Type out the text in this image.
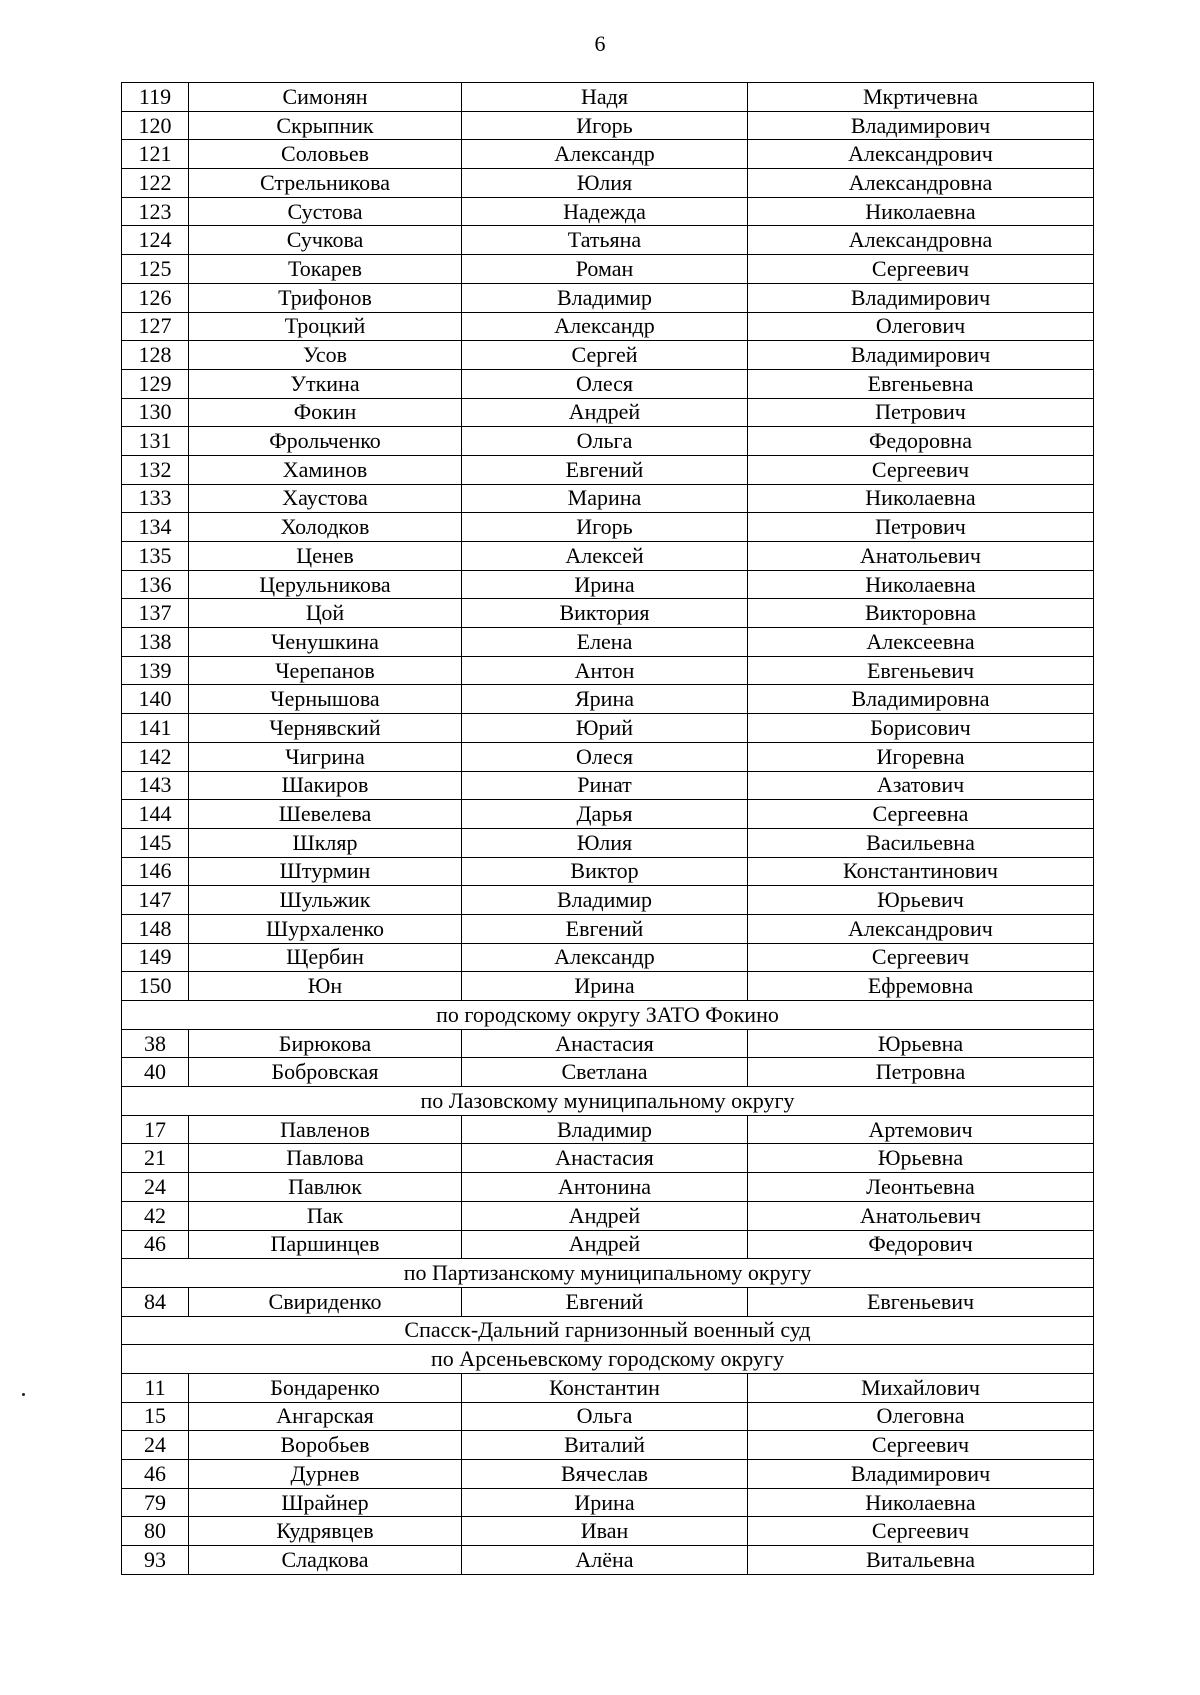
6
119	Симонян	Надя	Мкртичевна
120	Скрыпник	Игорь	Владимирович
121	Соловьев	Александр	Александрович
122	Стрельникова	Юлия	Александровна
123	Сустова	Надежда	Николаевна
124	Сучкова	Татьяна	Александровна
125	Токарев	Роман	Сергеевич
126	Трифонов	Владимир	Владимирович
127	Троцкий	Александр	Олегович
128	Усов	Сергей	Владимирович
129	Уткина	Олеся	Евгеньевна
130	Фокин	Андрей	Петрович
131	Фрольченко	Ольга	Федоровна
132	Хаминов	Евгений	Сергеевич
133	Хаустова	Марина	Николаевна
134	Холодков	Игорь	Петрович
135	Ценев	Алексей	Анатольевич
136	Церульникова	Ирина	Николаевна
137	Цой	Виктория	Викторовна
138	Ченушкина	Елена	Алексеевна
139	Черепанов	Антон	Евгеньевич
140	Чернышова	Ярина	Владимировна
141	Чернявский	Юрий	Борисович
142	Чигрина	Олеся	Игоревна
143	Шакиров	Ринат	Азатович
144	Шевелева	Дарья	Сергеевна
145	Шкляр	Юлия	Васильевна
146	Штурмин	Виктор	Константинович
147	Шульжик	Владимир	Юрьевич
148	Шурхаленко	Евгений	Александрович
149	Щербин	Александр	Сергеевич
150	Юн	Ирина	Ефремовна
по городскому округу ЗАТО Фокино			
38	Бирюкова	Анастасия	Юрьевна
40	Бобровская	Светлана	Петровна
по Лазовскому муниципальному округу			
17	Павленов	Владимир	Артемович
21	Павлова	Анастасия	Юрьевна
24	Павлюк	Антонина	Леонтьевна
42	Пак	Андрей	Анатольевич
46	Паршинцев	Андрей	Федорович
по Партизанскому муниципальному округу			
84	Свириденко	Евгений	Евгеньевич
Спасск-Дальний гарнизонный военный суд			
по Арсеньевскому городскому округу			
11	Бондаренко	Константин	Михайлович
15	Ангарская	Ольга	Олеговна
24	Воробьев	Виталий	Сергеевич
46	Дурнев	Вячеслав	Владимирович
79	Шрайнер	Ирина	Николаевна
80	Кудрявцев	Иван	Сергеевич
93	Сладкова	Алёна	Витальевна
